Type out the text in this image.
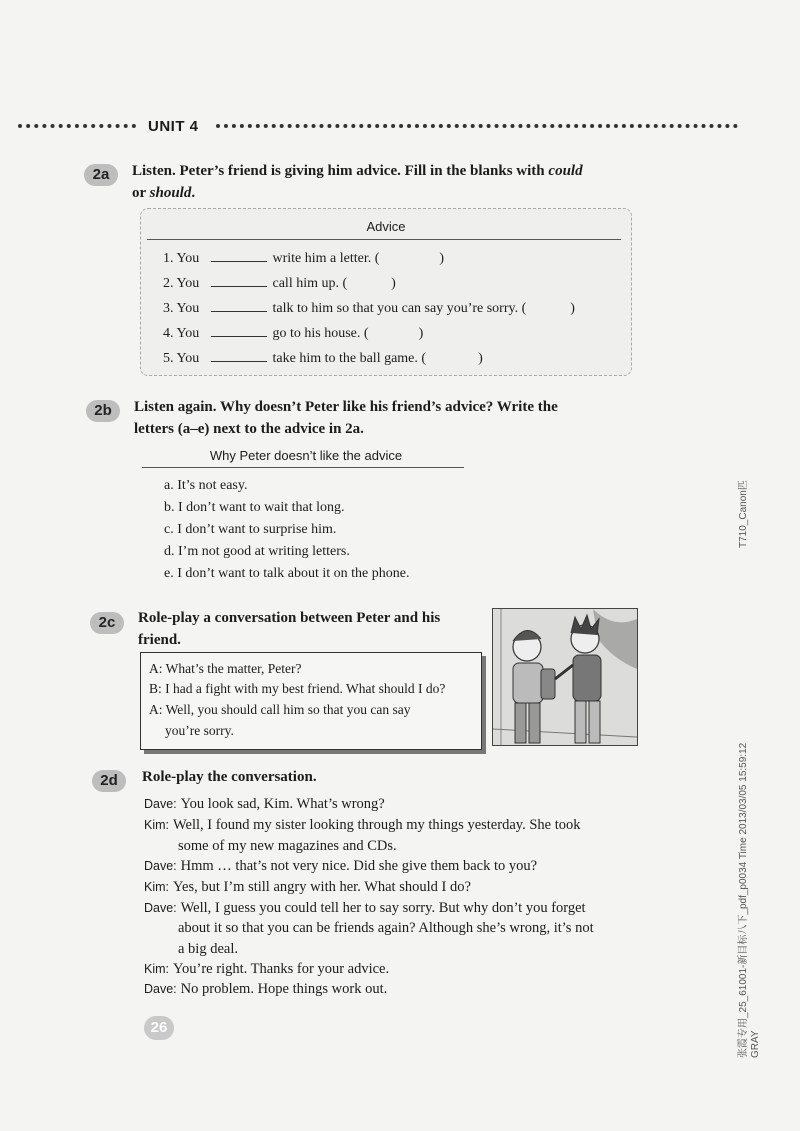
UNIT 4
2a	Listen. Peter’s friend is giving him advice. Fill in the blanks with could
or should.
Advice
1. You	write him a letter. (	)
2. You	call him up. (	)
3. You	talk to him so that you can say you’re sorry. (	)
4. You	go to his house. (	)
5. You	take him to the ball game. (	)
2b	Listen again. Why doesn’t Peter like his friend’s advice? Write the
letters (a–e) next to the advice in 2a.
Why Peter doesn’t like the advice
a. It’s not easy.
b. I don’t want to wait that long.
c. I don’t want to surprise him.
d. I’m not good at writing letters.
e. I don’t want to talk about it on the phone.
2c	Role-play a conversation between Peter and his
friend.
A: What’s the matter, Peter?
B: I had a fight with my best friend. What should I do?
A: Well, you should call him so that you can say
you’re sorry.
2d	Role-play the conversation.
Dave: You look sad, Kim. What’s wrong?
Kim: Well, I found my sister looking through my things yesterday. She took
some of my new magazines and CDs.
Dave: Hmm … that’s not very nice. Did she give them back to you?
Kim: Yes, but I’m still angry with her. What should I do?
Dave: Well, I guess you could tell her to say sorry. But why don’t you forget
about it so that you can be friends again? Although she’s wrong, it’s not
a big deal.
Kim: You’re right. Thanks for your advice.
Dave: No problem. Hope things work out.
26
T710_Canon匹
张霞专用_25_61001-新目标八下_pdf_p0034 Time 2013/03/05 15:59:12 GRAY
